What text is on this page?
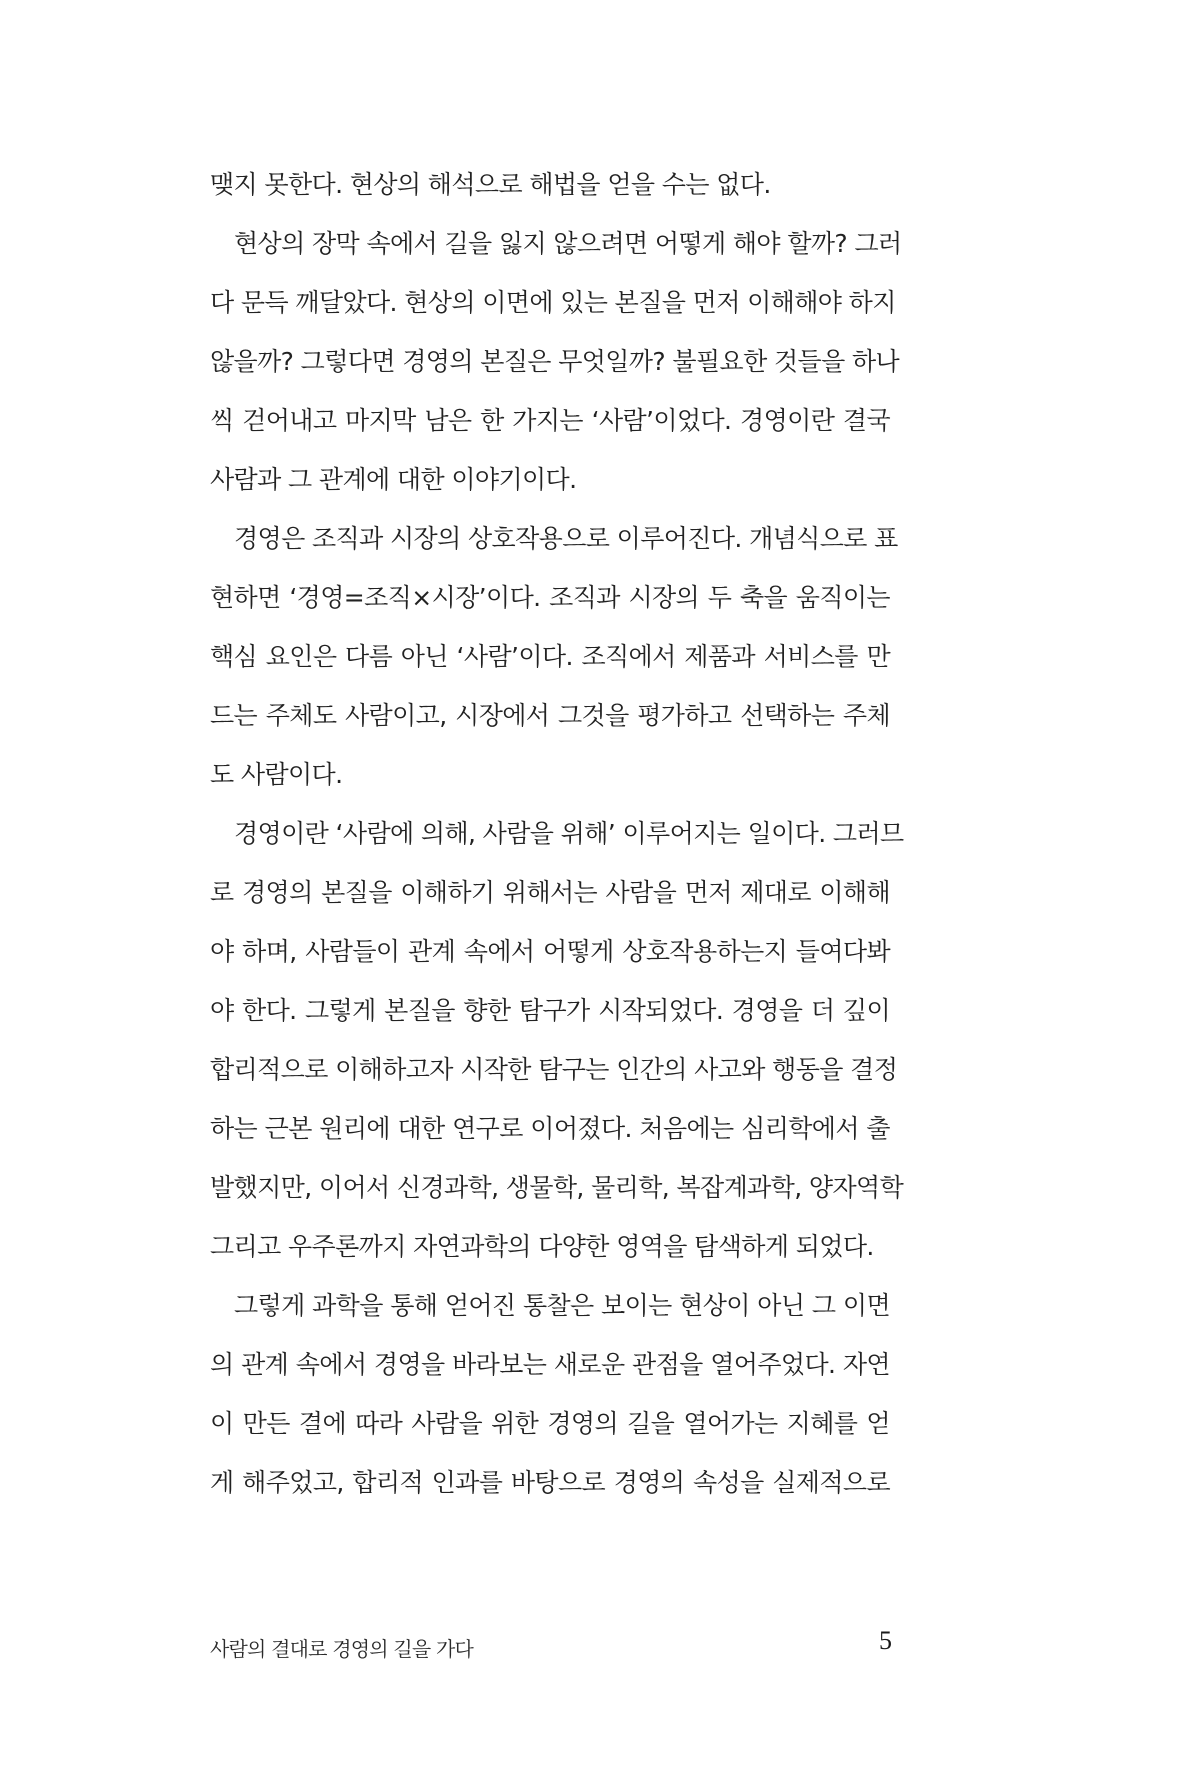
맺지 못한다. 현상의 해석으로 해법을 얻을 수는 없다.
현상의 장막 속에서 길을 잃지 않으려면 어떻게 해야 할까? 그러
다 문득 깨달았다. 현상의 이면에 있는 본질을 먼저 이해해야 하지
않을까? 그렇다면 경영의 본질은 무엇일까? 불필요한 것들을 하나
씩 걷어내고 마지막 남은 한 가지는 ‘사람’이었다. 경영이란 결국
사람과 그 관계에 대한 이야기이다.
경영은 조직과 시장의 상호작용으로 이루어진다. 개념식으로 표
현하면 ‘경영=조직×시장’이다. 조직과 시장의 두 축을 움직이는
핵심 요인은 다름 아닌 ‘사람’이다. 조직에서 제품과 서비스를 만
드는 주체도 사람이고, 시장에서 그것을 평가하고 선택하는 주체
도 사람이다.
경영이란 ‘사람에 의해, 사람을 위해’ 이루어지는 일이다. 그러므
로 경영의 본질을 이해하기 위해서는 사람을 먼저 제대로 이해해
야 하며, 사람들이 관계 속에서 어떻게 상호작용하는지 들여다봐
야 한다. 그렇게 본질을 향한 탐구가 시작되었다. 경영을 더 깊이
합리적으로 이해하고자 시작한 탐구는 인간의 사고와 행동을 결정
하는 근본 원리에 대한 연구로 이어졌다. 처음에는 심리학에서 출
발했지만, 이어서 신경과학, 생물학, 물리학, 복잡계과학, 양자역학
그리고 우주론까지 자연과학의 다양한 영역을 탐색하게 되었다.
그렇게 과학을 통해 얻어진 통찰은 보이는 현상이 아닌 그 이면
의 관계 속에서 경영을 바라보는 새로운 관점을 열어주었다. 자연
이 만든 결에 따라 사람을 위한 경영의 길을 열어가는 지혜를 얻
게 해주었고, 합리적 인과를 바탕으로 경영의 속성을 실제적으로
사람의 결대로 경영의 길을 가다	5
